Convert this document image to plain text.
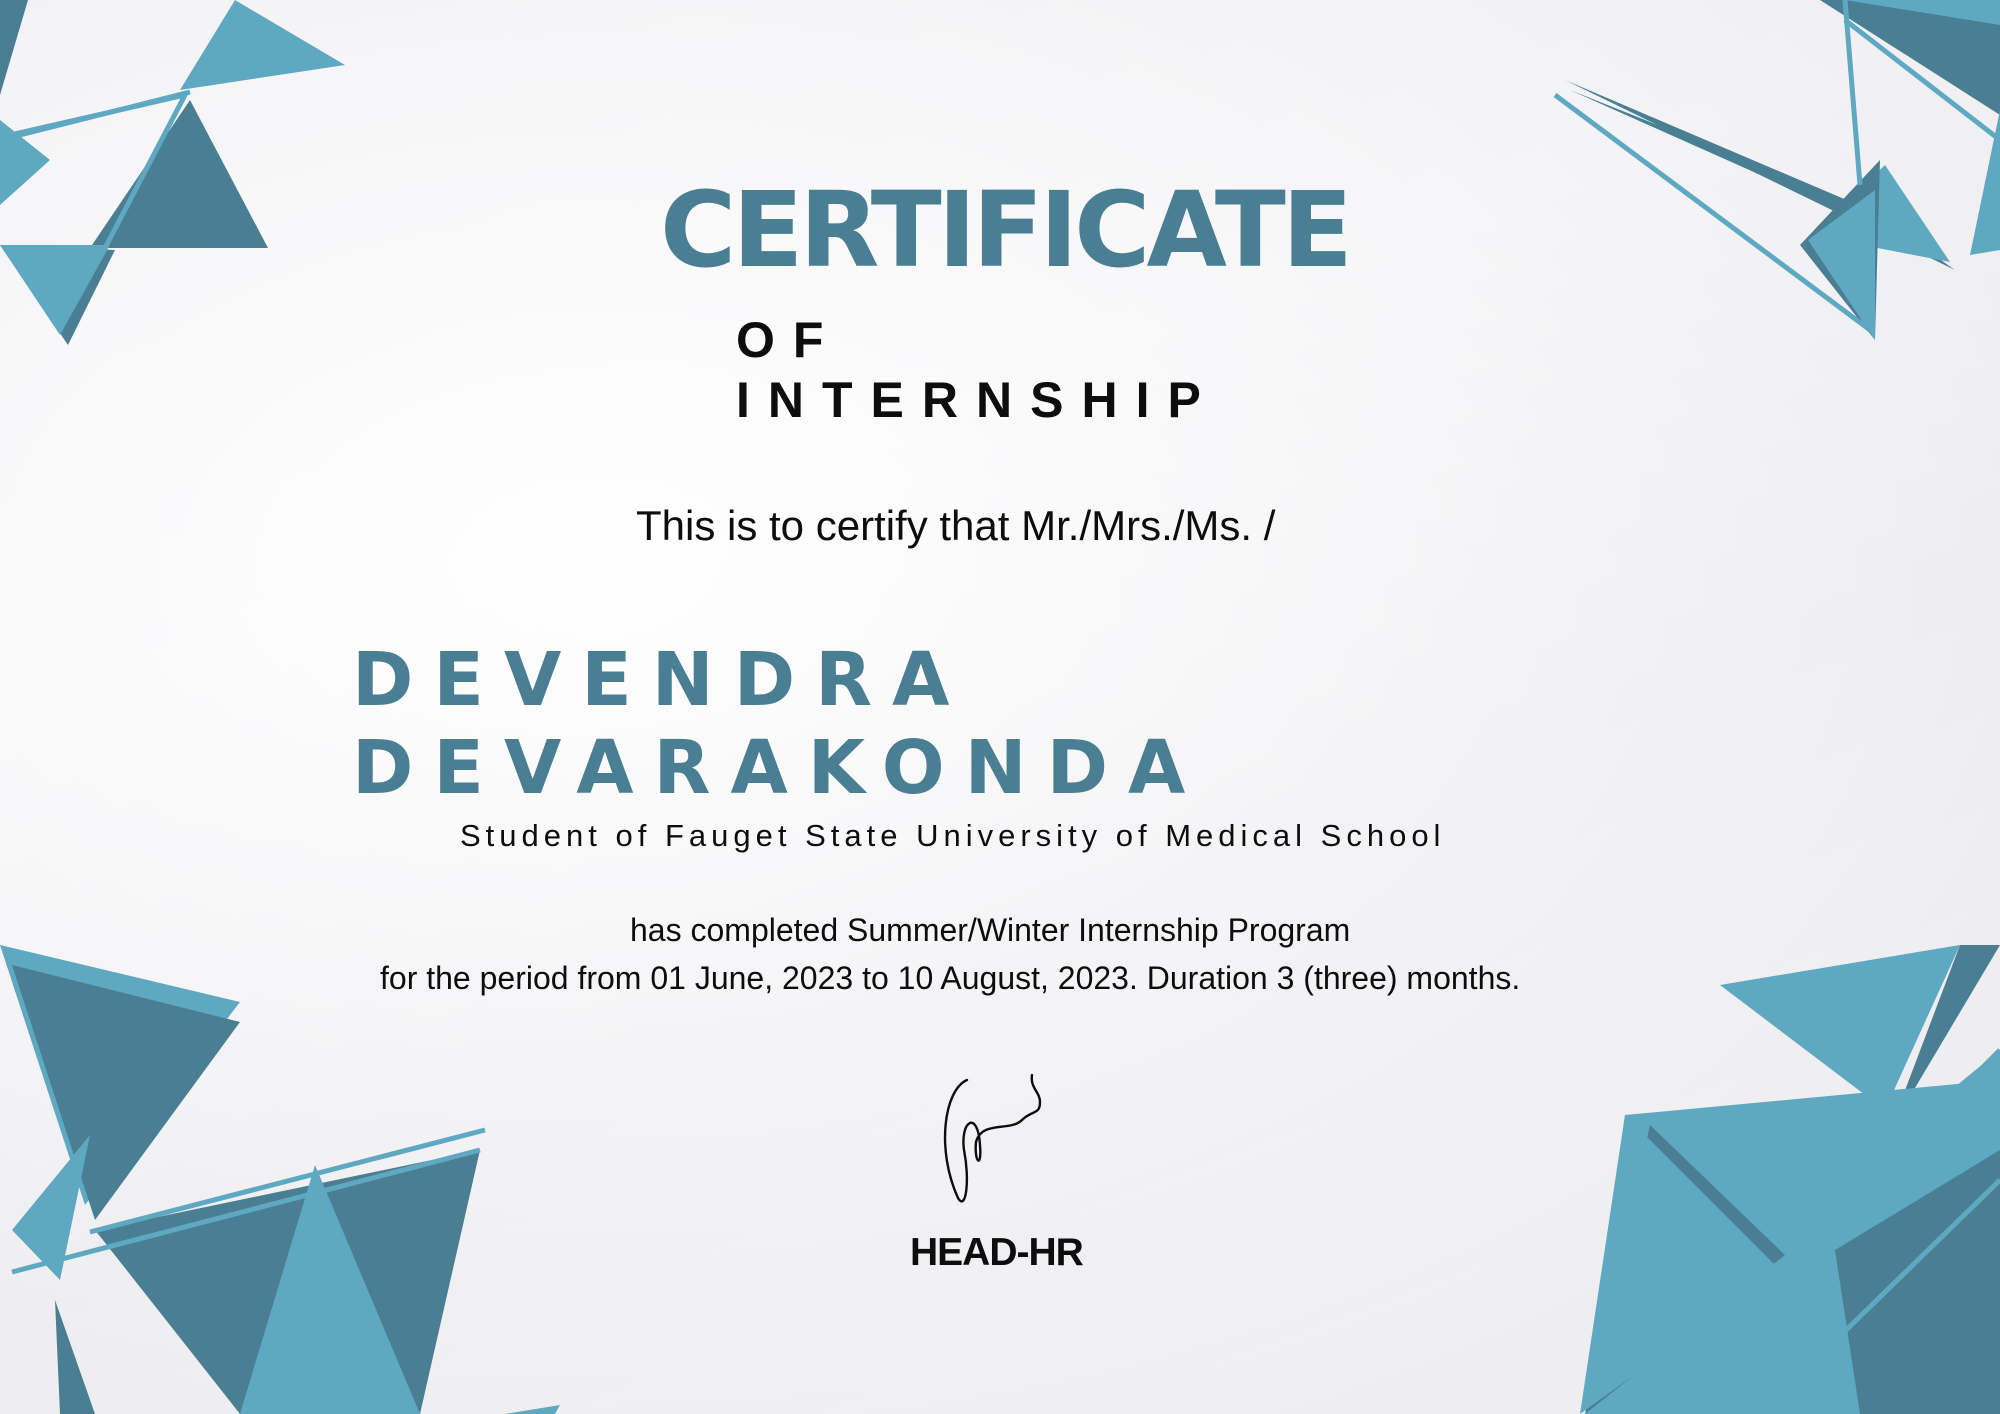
CERTIFICATE
OF INTERNSHIP

This is to certify that Mr./Mrs./Ms. /

DEVENDRA DEVARAKONDA

Student of Fauget State University of Medical School

has completed Summer/Winter Internship Program

for the period from 01 June, 2023 to 10 August, 2023. Duration 3 (three) months.

HEAD-HR
